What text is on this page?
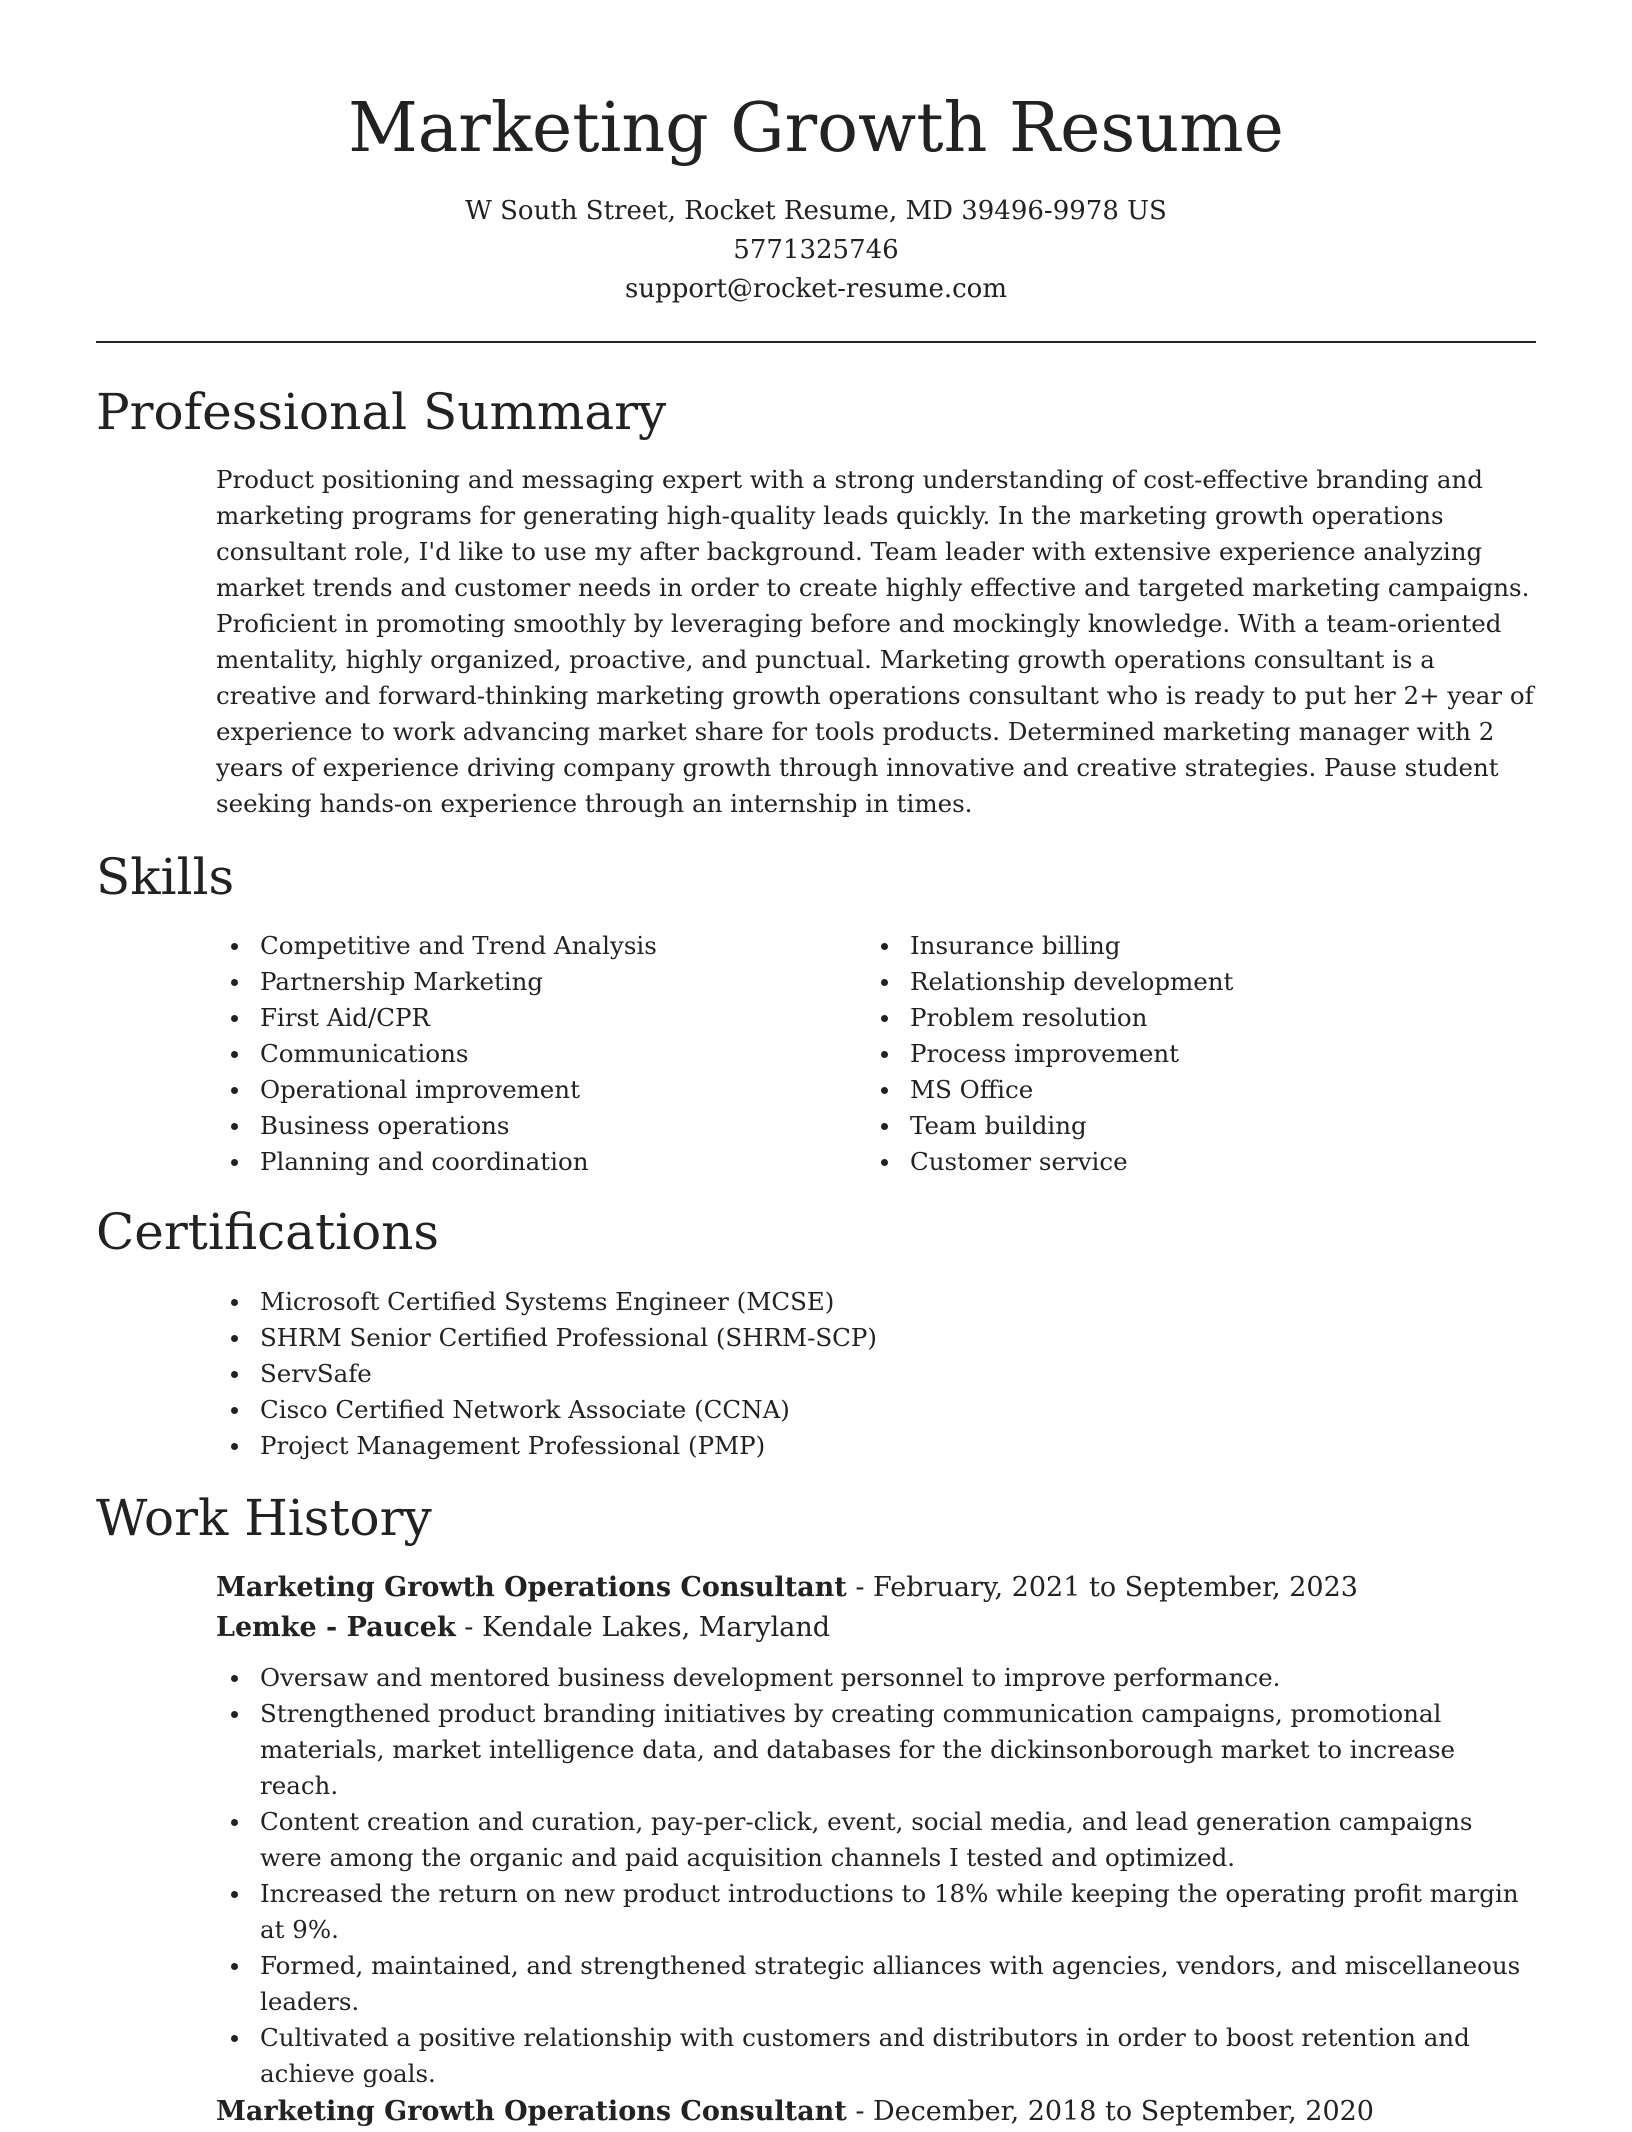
Marketing Growth Resume
W South Street, Rocket Resume, MD 39496-9978 US
5771325746
support@rocket-resume.com
Professional Summary

Product positioning and messaging expert with a strong understanding of cost-effective branding and marketing programs for generating high-quality leads quickly. In the marketing growth operations consultant role, I'd like to use my after background. Team leader with extensive experience analyzing market trends and customer needs in order to create highly effective and targeted marketing campaigns. Proficient in promoting smoothly by leveraging before and mockingly knowledge. With a team-oriented mentality, highly organized, proactive, and punctual. Marketing growth operations consultant is a creative and forward-thinking marketing growth operations consultant who is ready to put her 2+ year of experience to work advancing market share for tools products. Determined marketing manager with 2 years of experience driving company growth through innovative and creative strategies. Pause student seeking hands-on experience through an internship in times.

Skills
Competitive and Trend Analysis
Partnership Marketing
First Aid/CPR
Communications
Operational improvement
Business operations
Planning and coordination
Insurance billing
Relationship development
Problem resolution
Process improvement
MS Office
Team building
Customer service
Certifications
Microsoft Certified Systems Engineer (MCSE)
SHRM Senior Certified Professional (SHRM-SCP)
ServSafe
Cisco Certified Network Associate (CCNA)
Project Management Professional (PMP)
Work History
Marketing Growth Operations Consultant - February, 2021 to September, 2023
Lemke - Paucek - Kendale Lakes, Maryland
Oversaw and mentored business development personnel to improve performance.
Strengthened product branding initiatives by creating communication campaigns, promotional materials, market intelligence data, and databases for the dickinsonborough market to increase reach.
Content creation and curation, pay-per-click, event, social media, and lead generation campaigns were among the organic and paid acquisition channels I tested and optimized.
Increased the return on new product introductions to 18% while keeping the operating profit margin at 9%.
Formed, maintained, and strengthened strategic alliances with agencies, vendors, and miscellaneous leaders.
Cultivated a positive relationship with customers and distributors in order to boost retention and achieve goals.
Marketing Growth Operations Consultant - December, 2018 to September, 2020
